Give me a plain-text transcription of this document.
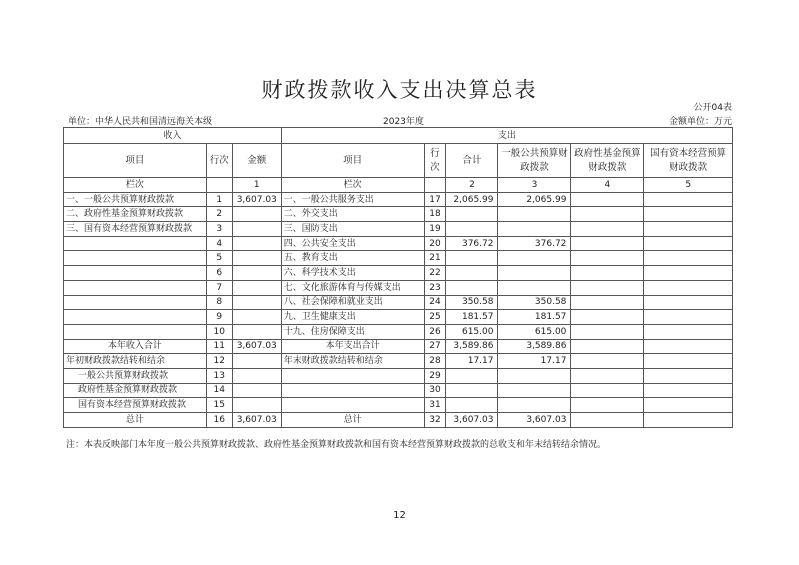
财政拨款收入支出决算总表
公开04表
单位：中华人民共和国清远海关本级	2023年度	金额单位：万元
收入			支出					
项目	行次	金额	项目	行次	合计	一般公共预算财政拨款	政府性基金预算财政拨款	国有资本经营预算财政拨款
栏次		1	栏次		2	3	4	5
一、一般公共预算财政拨款	1	3,607.03	一、一般公共服务支出	17	2,065.99	2,065.99		
二、政府性基金预算财政拨款	2		二、外交支出	18				
三、国有资本经营预算财政拨款	3		三、国防支出	19				
	4		四、公共安全支出	20	376.72	376.72		
	5		五、教育支出	21				
	6		六、科学技术支出	22				
	7		七、文化旅游体育与传媒支出	23				
	8		八、社会保障和就业支出	24	350.58	350.58		
	9		九、卫生健康支出	25	181.57	181.57		
	10		十九、住房保障支出	26	615.00	615.00		
本年收入合计	11	3,607.03	本年支出合计	27	3,589.86	3,589.86		
年初财政拨款结转和结余	12		年末财政拨款结转和结余	28	17.17	17.17		
一般公共预算财政拨款	13			29				
政府性基金预算财政拨款	14			30				
国有资本经营预算财政拨款	15			31				
总计	16	3,607.03	总计	32	3,607.03	3,607.03		
注：本表反映部门本年度一般公共预算财政拨款、政府性基金预算财政拨款和国有资本经营预算财政拨款的总收支和年末结转结余情况。
12
